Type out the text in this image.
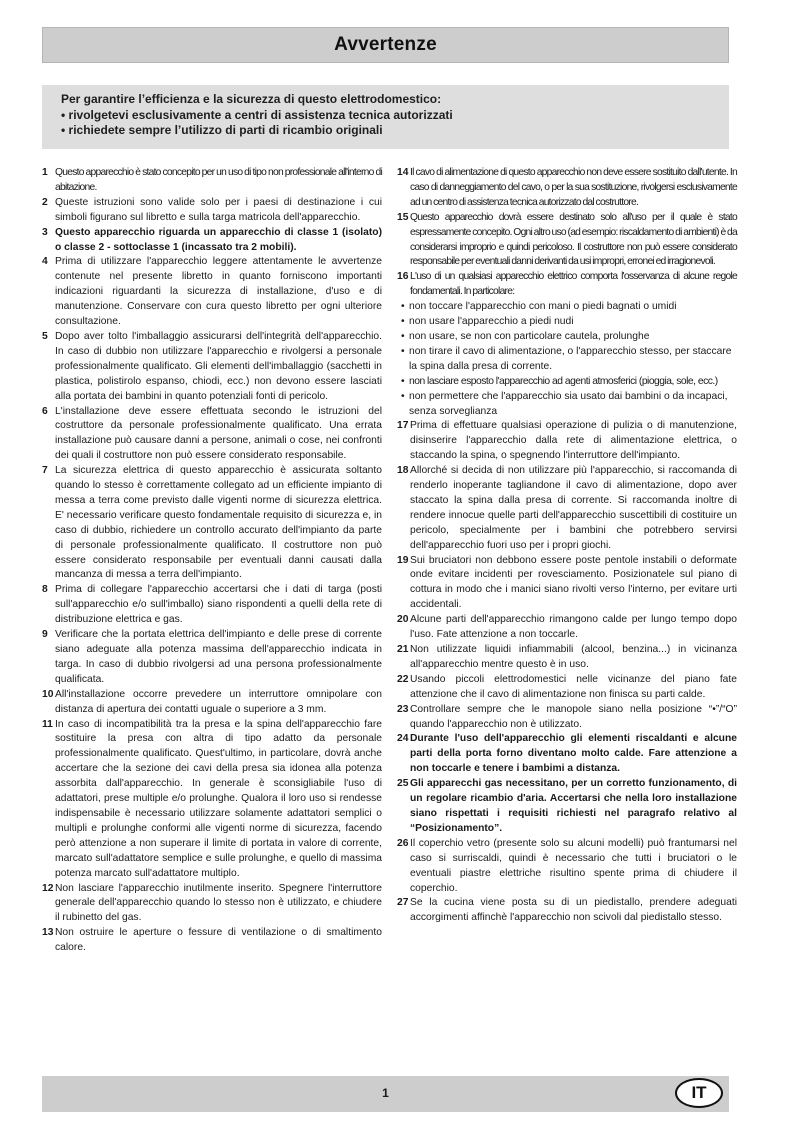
Avvertenze

Per garantire l’efficienza e la sicurezza di questo elettrodomestico:

• rivolgetevi esclusivamente a centri di assistenza tecnica autorizzati

• richiedete sempre l’utilizzo di parti di ricambio originali

1 Questo apparecchio è stato concepito per un uso di tipo non professionale all'interno di abitazione.
2 Queste istruzioni sono valide solo per i paesi di destinazione i cui simboli figurano sul libretto e sulla targa matricola dell'apparecchio.
3 Questo apparecchio riguarda un apparecchio di classe 1 (isolato) o classe 2 - sottoclasse 1 (incassato tra 2 mobili).
4 Prima di utilizzare l'apparecchio leggere attentamente le avvertenze contenute nel presente libretto in quanto forniscono importanti indicazioni riguardanti la sicurezza di installazione, d'uso e di manutenzione. Conservare con cura questo libretto per ogni ulteriore consultazione.
5 Dopo aver tolto l'imballaggio assicurarsi dell'integrità dell'apparecchio. In caso di dubbio non utilizzare l'apparecchio e rivolgersi a personale professionalmente qualificato. Gli elementi dell'imballaggio (sacchetti in plastica, polistirolo espanso, chiodi, ecc.) non devono essere lasciati alla portata dei bambini in quanto potenziali fonti di pericolo.
6 L'installazione deve essere effettuata secondo le istruzioni del costruttore da personale professionalmente qualificato. Una errata installazione può causare danni a persone, animali o cose, nei confronti dei quali il costruttore non può essere considerato responsabile.
7 La sicurezza elettrica di questo apparecchio è assicurata soltanto quando lo stesso è correttamente collegato ad un efficiente impianto di messa a terra come previsto dalle vigenti norme di sicurezza elettrica. E' necessario verificare questo fondamentale requisito di sicurezza e, in caso di dubbio, richiedere un controllo accurato dell'impianto da parte di personale professionalmente qualificato. Il costruttore non può essere considerato responsabile per eventuali danni causati dalla mancanza di messa a terra dell'impianto.
8 Prima di collegare l'apparecchio accertarsi che i dati di targa (posti sull'apparecchio e/o sull'imballo) siano rispondenti a quelli della rete di distribuzione elettrica e gas.
9 Verificare che la portata elettrica dell'impianto e delle prese di corrente siano adeguate alla potenza massima dell'apparecchio indicata in targa. In caso di dubbio rivolgersi ad una persona professionalmente qualificata.
10 All'installazione occorre prevedere un interruttore omnipolare con distanza di apertura dei contatti uguale o superiore a 3 mm.
11 In caso di incompatibilità tra la presa e la spina dell'apparecchio fare sostituire la presa con altra di tipo adatto da personale professionalmente qualificato. Quest'ultimo, in particolare, dovrà anche accertare che la sezione dei cavi della presa sia idonea alla potenza assorbita dall'apparecchio. In generale è sconsigliabile l'uso di adattatori, prese multiple e/o prolunghe. Qualora il loro uso si rendesse indispensabile è necessario utilizzare solamente adattatori semplici o multipli e prolunghe conformi alle vigenti norme di sicurezza, facendo però attenzione a non superare il limite di portata in valore di corrente, marcato sull'adattatore semplice e sulle prolunghe, e quello di massima potenza marcato sull'adattatore multiplo.
12 Non lasciare l'apparecchio inutilmente inserito. Spegnere l'interruttore generale dell'apparecchio quando lo stesso non è utilizzato, e chiudere il rubinetto del gas.
13 Non ostruire le aperture o fessure di ventilazione o di smaltimento calore.
14 Il cavo di alimentazione di questo apparecchio non deve essere sostituito dall'utente. In caso di danneggiamento del cavo, o per la sua sostituzione, rivolgersi esclusivamente ad un centro di assistenza tecnica autorizzato dal costruttore.
15 Questo apparecchio dovrà essere destinato solo all'uso per il quale è stato espressamente concepito. Ogni altro uso (ad esempio: riscaldamento di ambienti) è da considerarsi improprio e quindi pericoloso. Il costruttore non può essere considerato responsabile per eventuali danni derivanti da usi impropri, erronei ed irragionevoli.
16 L'uso di un qualsiasi apparecchio elettrico comporta l'osservanza di alcune regole fondamentali. In particolare:
• non toccare l'apparecchio con mani o piedi bagnati o umidi
• non usare l'apparecchio a piedi nudi
• non usare, se non con particolare cautela, prolunghe
• non tirare il cavo di alimentazione, o l'apparecchio stesso, per staccare la spina dalla presa di corrente.
• non lasciare esposto l'apparecchio ad agenti atmosferici (pioggia, sole, ecc.)
• non permettere che l'apparecchio sia usato dai bambini o da incapaci, senza sorveglianza
17 Prima di effettuare qualsiasi operazione di pulizia o di manutenzione, disinserire l'apparecchio dalla rete di alimentazione elettrica, o staccando la spina, o spegnendo l'interruttore dell'impianto.
18 Allorché si decida di non utilizzare più l'apparecchio, si raccomanda di renderlo inoperante tagliandone il cavo di alimentazione, dopo aver staccato la spina dalla presa di corrente. Si raccomanda inoltre di rendere innocue quelle parti dell'apparecchio suscettibili di costituire un pericolo, specialmente per i bambini che potrebbero servirsi dell'apparecchio fuori uso per i propri giochi.
19 Sui bruciatori non debbono essere poste pentole instabili o deformate onde evitare incidenti per rovesciamento. Posizionatele sul piano di cottura in modo che i manici siano rivolti verso l'interno, per evitare urti accidentali.
20 Alcune parti dell'apparecchio rimangono calde per lungo tempo dopo l'uso. Fate attenzione a non toccarle.
21 Non utilizzate liquidi infiammabili (alcool, benzina...) in vicinanza all'apparecchio mentre questo è in uso.
22 Usando piccoli elettrodomestici nelle vicinanze del piano fate attenzione che il cavo di alimentazione non finisca su parti calde.
23 Controllare sempre che le manopole siano nella posizione “•”/“O” quando l'apparecchio non è utilizzato.
24 Durante l'uso dell'apparecchio gli elementi riscaldanti e alcune parti della porta forno diventano molto calde. Fare attenzione a non toccarle e tenere i bambimi a distanza.
25 Gli apparecchi gas necessitano, per un corretto funzionamento, di un regolare ricambio d'aria. Accertarsi che nella loro installazione siano rispettati i requisiti richiesti nel paragrafo relativo al “Posizionamento”.
26 Il coperchio vetro (presente solo su alcuni modelli) può frantumarsi nel caso si surriscaldi, quindi è necessario che tutti i bruciatori o le eventuali piastre elettriche risultino spente prima di chiudere il coperchio.
27 Se la cucina viene posta su di un piedistallo, prendere adeguati accorgimenti affinchè l'apparecchio non scivoli dal piedistallo stesso.
1	IT
